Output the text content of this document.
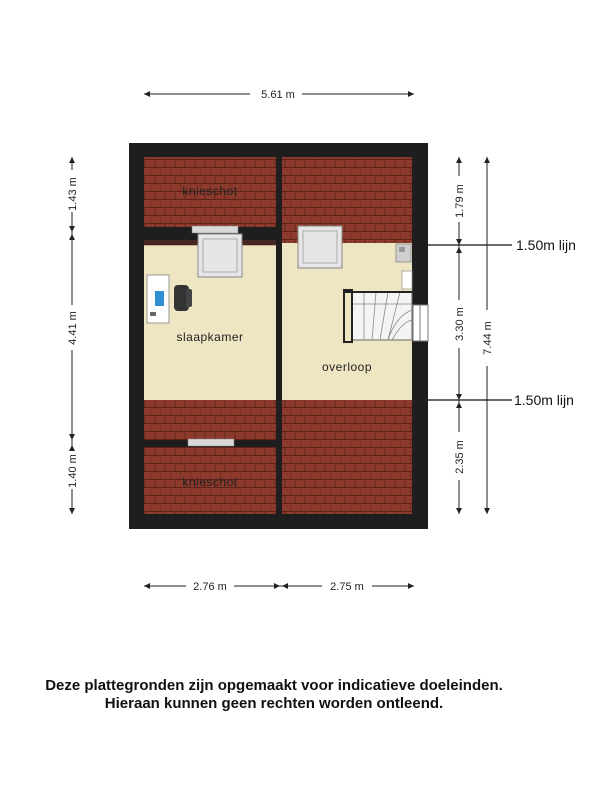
knieschot
knieschot
slaapkamer
overloop
1.50m lijn
1.50m lijn
5.61 m
2.76 m	2.75 m
1.43 m
4.41 m
1.40 m
1.79 m
3.30 m
2.35 m
7.44 m
Deze plattegronden zijn opgemaakt voor indicatieve doeleinden.
Hieraan kunnen geen rechten worden ontleend.
